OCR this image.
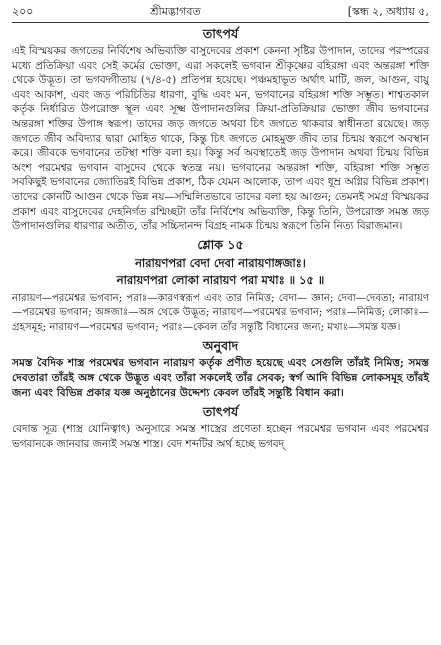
২০০	শ্রীমদ্ভাগবত	[স্কন্ধ ২, অধ্যায় ৫,
তাৎপর্য

এই বিস্ময়কর জগতের নির্বিশেষ অভিব্যক্তি বাসুদেবের প্রকাশ কেননা সৃষ্টির উপাদান, তাদের পরস্পরের মধ্যে প্রতিক্রিয়া এবং সেই কর্মের ভোক্তা, এরা সকলেই ভগবান শ্রীকৃষ্ণের বহিরঙ্গা এবং অন্তরঙ্গা শক্তি থেকে উদ্ভূত। তা ভগবদ্গীতায় (৭/৪-৫) প্রতিপন্ন হয়েছে। পঞ্চমহাভূত অর্থাৎ মাটি, জল, আগুন, বায়ু এবং আকাশ, এবং জড় পরিচিতির ধারণা, বুদ্ধি এবং মন, ভগবানের বহিরঙ্গা শক্তি সম্ভূত। শাশ্বতকাল কর্তৃক নির্ধারিত উপরোক্ত স্থূল এবং সূক্ষ্ম উপাদানগুলির ক্রিয়া-প্রতিক্রিয়ার ভোক্তা জীব ভগবানের অন্তরঙ্গা শক্তির উপাঙ্গ স্বরূপ। তাদের জড় জগতে অথবা চিৎ জগতে থাকবার স্বাধীনতা রয়েছে। জড় জগতে জীব অবিদ্যার দ্বারা মোহিত থাকে, কিন্তু চিৎ জগতে মোহমুক্ত জীব তার চিন্ময় স্বরূপে অবস্থান করে। জীবকে ভগবানের তটস্থা শক্তি বলা হয়। কিন্তু সর্ব অবস্থাতেই জড় উপাদান অথবা চিন্ময় বিভিন্ন অংশ পরমেশ্বর ভগবান বাসুদেব থেকে স্বতন্ত্র নয়। ভগবানের অন্তরঙ্গা শক্তি, বহিরঙ্গা শক্তি সম্ভূত সবকিছুই ভগবানের জ্যোতিরই বিভিন্ন প্রকাশ, ঠিক যেমন আলোক, তাপ এবং ধূম্র অগ্নির বিভিন্ন প্রকাশ। তাদের কোনটি আগুন থেকে ভিন্ন নয়—সম্মিলিতভাবে তাদের বলা হয় আগুন; তেমনই সমগ্র বিস্ময়কর প্রকাশ এবং বাসুদেবের দেহনির্গত রশ্মিচ্ছটা তাঁর নির্বিশেষ অভিব্যক্তি, কিন্তু তিনি, উপরোক্ত সমস্ত জড় উপাদানগুলির ধারণার অতীত, তাঁর সচ্চিদানন্দ বিগ্রহ নামক চিন্ময় স্বরূপে তিনি নিত্য বিরাজমান।

শ্লোক ১৫

নারায়ণপরা বেদা দেবা নারায়ণাঙ্গজাঃ।

নারায়ণপরা লোকা নারায়ণ পরা মখাঃ ॥ ১৫ ॥

নারায়ণ—পরমেশ্বর ভগবান; পরাঃ—কারণস্বরূপ এবং তার নিমিত্ত; বেদা— জ্ঞান; দেবা—দেবতা; নারায়ণ—পরমেশ্বর ভগবান; অঙ্গজাঃ—অঙ্গ থেকে উদ্ভূত; নারায়ণ—পরমেশ্বর ভগবান; পরাঃ—নিমিত্ত; লোকাঃ—গ্রহসমূহ; নারায়ণ—পরমেশ্বর ভগবান; পরাঃ—কেবল তাঁর সন্তুষ্টি বিধানের জন্য; মখাঃ—সমস্ত যজ্ঞ।

অনুবাদ

সমস্ত বৈদিক শাস্ত্র পরমেশ্বর ভগবান নারায়ণ কর্তৃক প্রণীত হয়েছে এবং সেগুলি তাঁরই নিমিত্ত; সমস্ত দেবতারা তাঁরই অঙ্গ থেকে উদ্ভূত এবং তাঁরা সকলেই তাঁর সেবক; স্বর্গ আদি বিভিন্ন লোকসমূহ তাঁরই জন্য এবং বিভিন্ন প্রকার যজ্ঞ অনুষ্ঠানের উদ্দেশ্য কেবল তাঁরই সন্তুষ্টি বিধান করা।

তাৎপর্য

বেদান্ত সূত্র (শাস্ত্র যোনিত্বাৎ) অনুসারে সমস্ত শাস্ত্রের প্রণেতা হচ্ছেন পরমেশ্বর ভগবান এবং পরমেশ্বর ভগবানকে জানবার জন্যই সমস্ত শাস্ত্র। বেদ শব্দটির অর্থ হচ্ছে ভগবদ্
